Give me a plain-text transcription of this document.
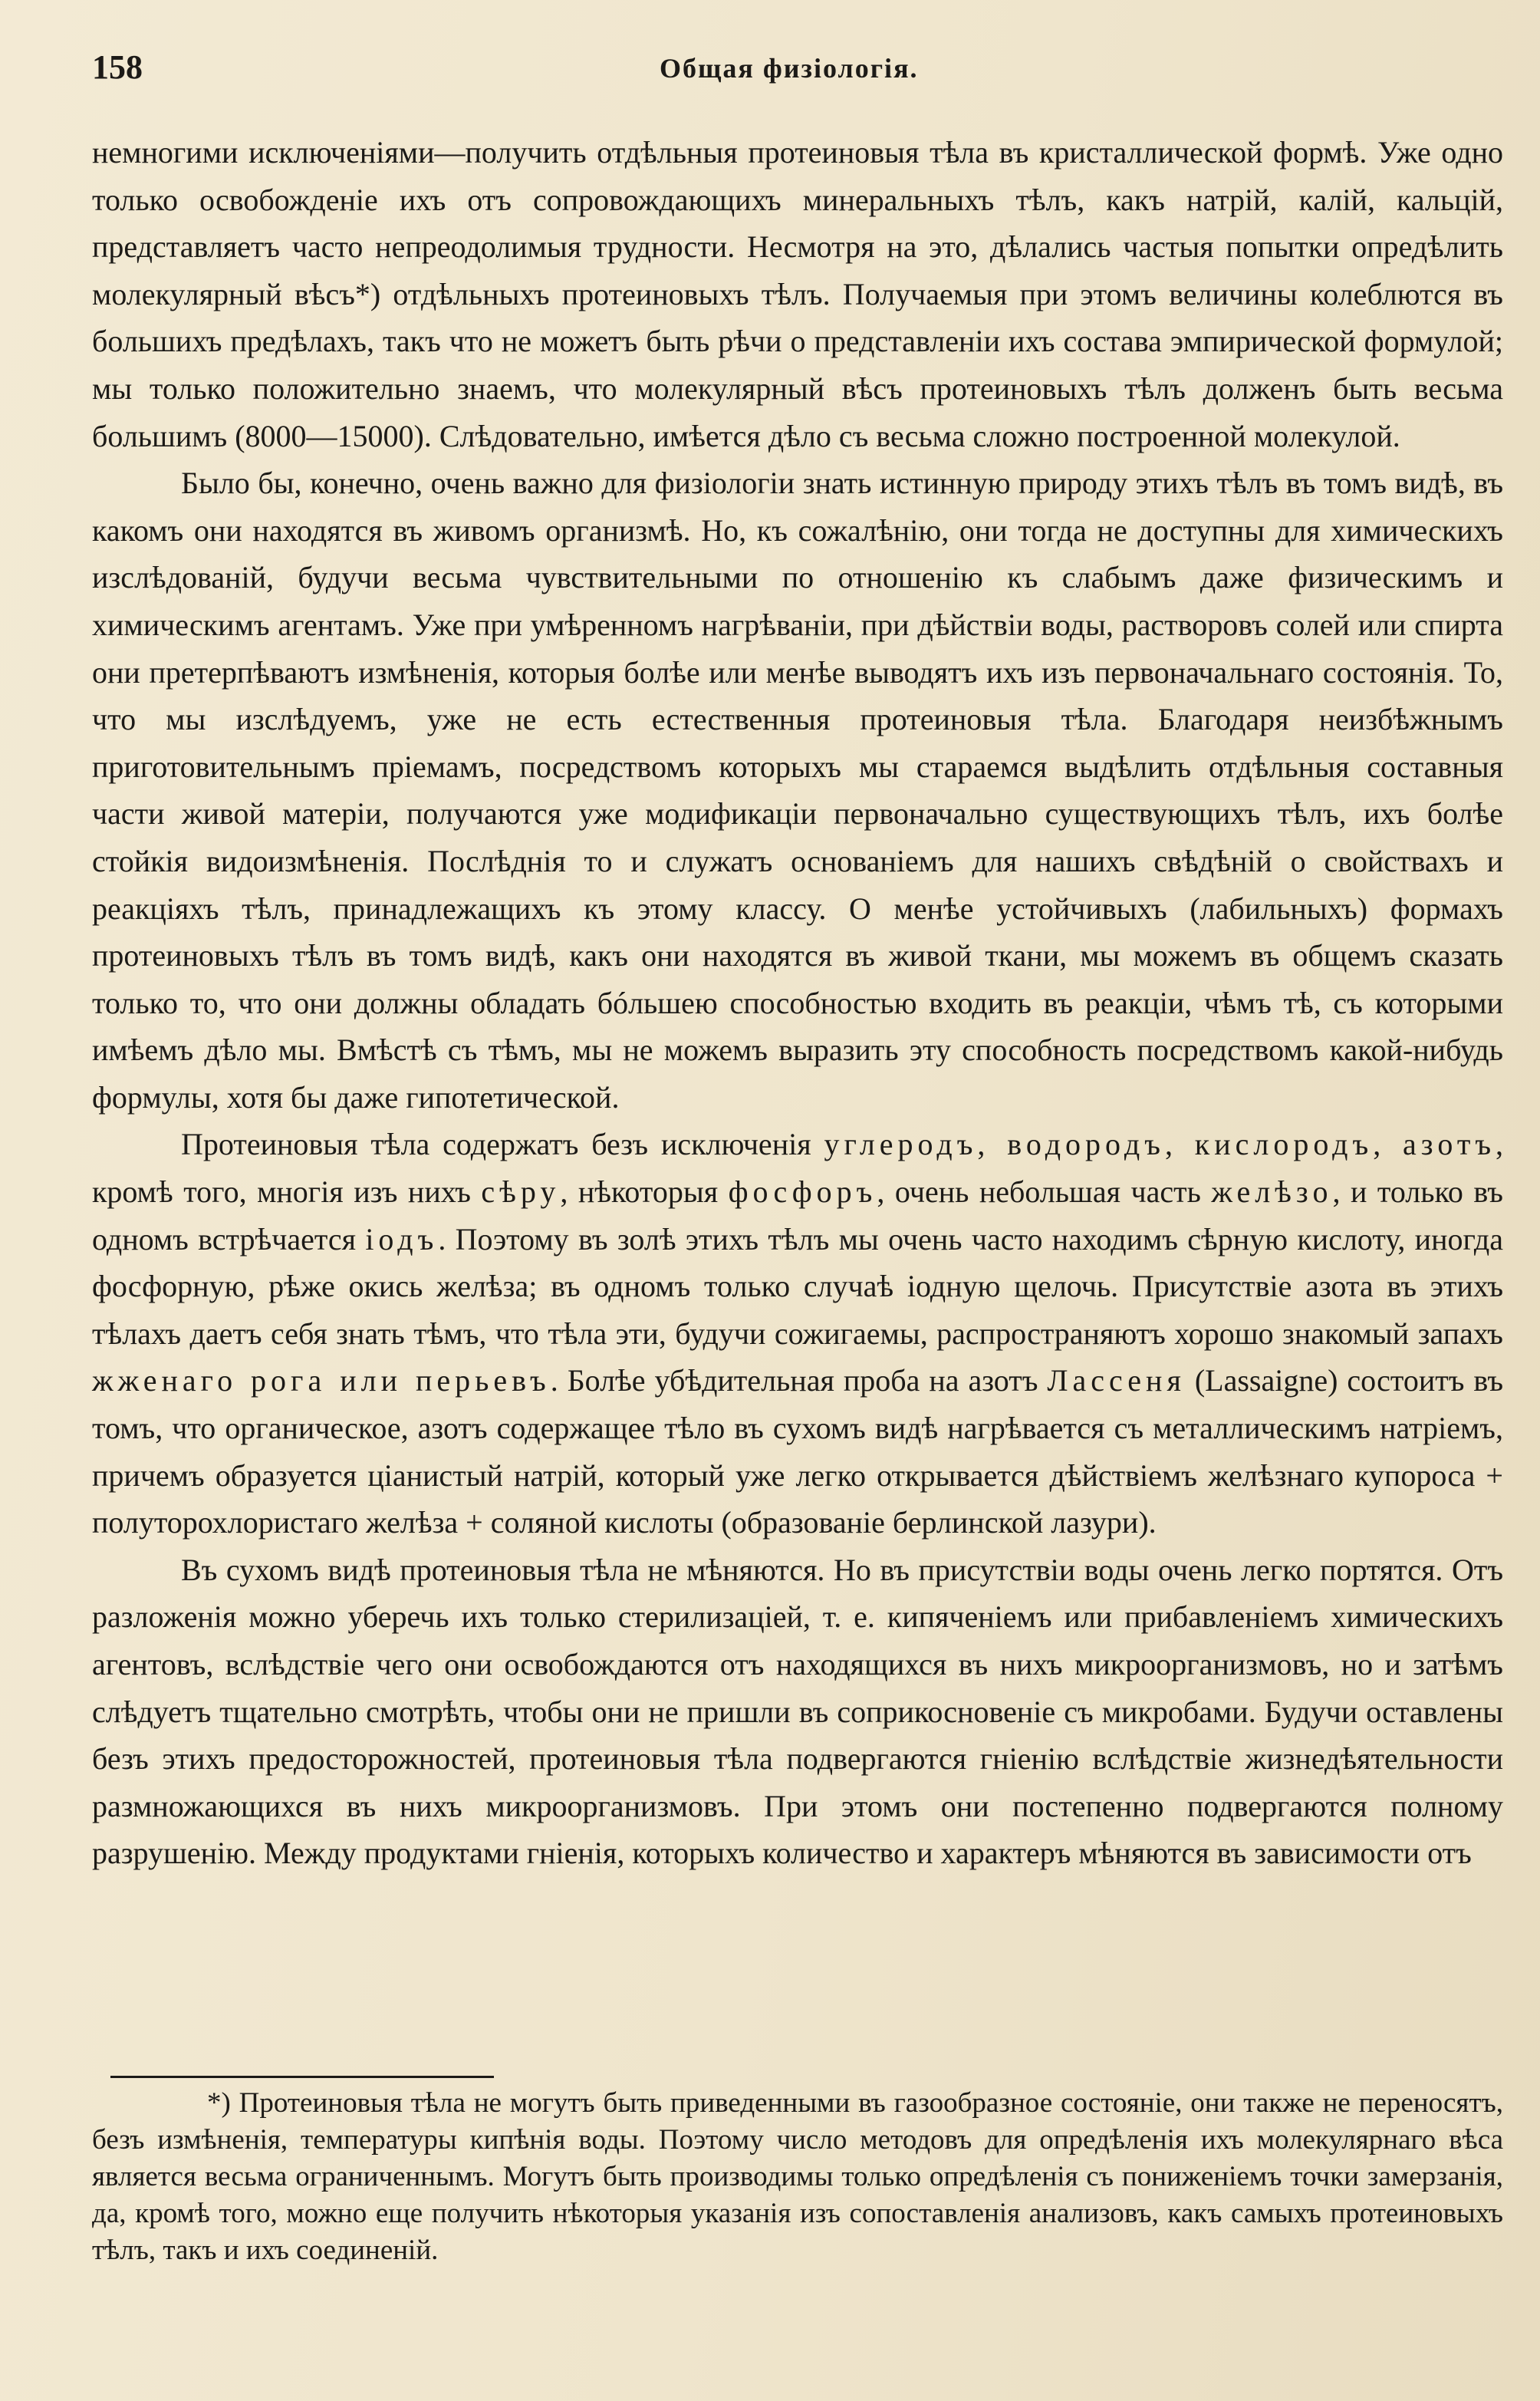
158	Общая физiологiя.

немногими исключенiями—получить отдѣльныя протеиновыя тѣла въ кристаллической формѣ. Уже одно только освобожденiе ихъ отъ сопровождающихъ минеральныхъ тѣлъ, какъ натрiй, калiй, кальцiй, представляетъ часто непреодолимыя трудности. Несмотря на это, дѣлались частыя попытки опредѣлить молекулярный вѣсъ*) отдѣльныхъ протеиновыхъ тѣлъ. Получаемыя при этомъ величины колеблются въ большихъ предѣлахъ, такъ что не можетъ быть рѣчи о представленiи ихъ состава эмпирической формулой; мы только положительно знаемъ, что молекулярный вѣсъ протеиновыхъ тѣлъ долженъ быть весьма большимъ (8000—15000). Слѣдовательно, имѣется дѣло съ весьма сложно построенной молекулой.

Было бы, конечно, очень важно для физiологiи знать истинную природу этихъ тѣлъ въ томъ видѣ, въ какомъ они находятся въ живомъ организмѣ. Но, къ сожалѣнiю, они тогда не доступны для химическихъ изслѣдованiй, будучи весьма чувствительными по отношенiю къ слабымъ даже физическимъ и химическимъ агентамъ. Уже при умѣренномъ нагрѣванiи, при дѣйствiи воды, растворовъ солей или спирта они претерпѣваютъ измѣненiя, которыя болѣе или менѣе выводятъ ихъ изъ первоначальнаго состоянiя. То, что мы изслѣдуемъ, уже не есть естественныя протеиновыя тѣла. Благодаря неизбѣжнымъ приготовительнымъ прiемамъ, посредствомъ которыхъ мы стараемся выдѣлить отдѣльныя составныя части живой матерiи, получаются уже модификацiи первоначально существующихъ тѣлъ, ихъ болѣе стойкiя видоизмѣненiя. Послѣднiя то и служатъ основанiемъ для нашихъ свѣдѣнiй о свойствахъ и реакцiяхъ тѣлъ, принадлежащихъ къ этому классу. О менѣе устойчивыхъ (лабильныхъ) формахъ протеиновыхъ тѣлъ въ томъ видѣ, какъ они находятся въ живой ткани, мы можемъ въ общемъ сказать только то, что они должны обладать бóльшею способностью входить въ реакцiи, чѣмъ тѣ, съ которыми имѣемъ дѣло мы. Вмѣстѣ съ тѣмъ, мы не можемъ выразить эту способность посредствомъ какой-нибудь формулы, хотя бы даже гипотетической.

Протеиновыя тѣла содержатъ безъ исключенiя углеродъ, водородъ, кислородъ, азотъ, кромѣ того, многiя изъ нихъ сѣру, нѣкоторыя фосфоръ, очень небольшая часть желѣзо, и только въ одномъ встрѣчается iодъ. Поэтому въ золѣ этихъ тѣлъ мы очень часто находимъ сѣрную кислоту, иногда фосфорную, рѣже окись желѣза; въ одномъ только случаѣ iодную щелочь. Присутствiе азота въ этихъ тѣлахъ даетъ себя знать тѣмъ, что тѣла эти, будучи сожигаемы, распространяютъ хорошо знакомый запахъ жженаго рога или перьевъ. Болѣе убѣдительная проба на азотъ Лассеня (Lassaigne) состоитъ въ томъ, что органическое, азотъ содержащее тѣло въ сухомъ видѣ нагрѣвается съ металлическимъ натрiемъ, причемъ образуется цiанистый натрiй, который уже легко открывается дѣйствiемъ желѣзнаго купороса + полуторохлористаго желѣза + соляной кислоты (образованiе берлинской лазури).

Въ сухомъ видѣ протеиновыя тѣла не мѣняются. Но въ присутствiи воды очень легко портятся. Отъ разложенiя можно уберечь ихъ только стерилизацiей, т. е. кипяченiемъ или прибавленiемъ химическихъ агентовъ, вслѣдствiе чего они освобождаются отъ находящихся въ нихъ микроорганизмовъ, но и затѣмъ слѣдуетъ тщательно смотрѣть, чтобы они не пришли въ соприкосновенiе съ микробами. Будучи оставлены безъ этихъ предосторожностей, протеиновыя тѣла подвергаются гнiенiю вслѣдствiе жизнедѣятельности размножающихся въ нихъ микроорганизмовъ. При этомъ они постепенно подвергаются полному разрушенiю. Между продуктами гнiенiя, которыхъ количество и характеръ мѣняются въ зависимости отъ

*) Протеиновыя тѣла не могутъ быть приведенными въ газообразное состоянiе, они также не переносятъ, безъ измѣненiя, температуры кипѣнiя воды. Поэтому число методовъ для опредѣленiя ихъ молекулярнаго вѣса является весьма ограниченнымъ. Могутъ быть производимы только опредѣленiя съ пониженiемъ точки замерзанiя, да, кромѣ того, можно еще получить нѣкоторыя указанiя изъ сопоставленiя анализовъ, какъ самыхъ протеиновыхъ тѣлъ, такъ и ихъ соединенiй.
